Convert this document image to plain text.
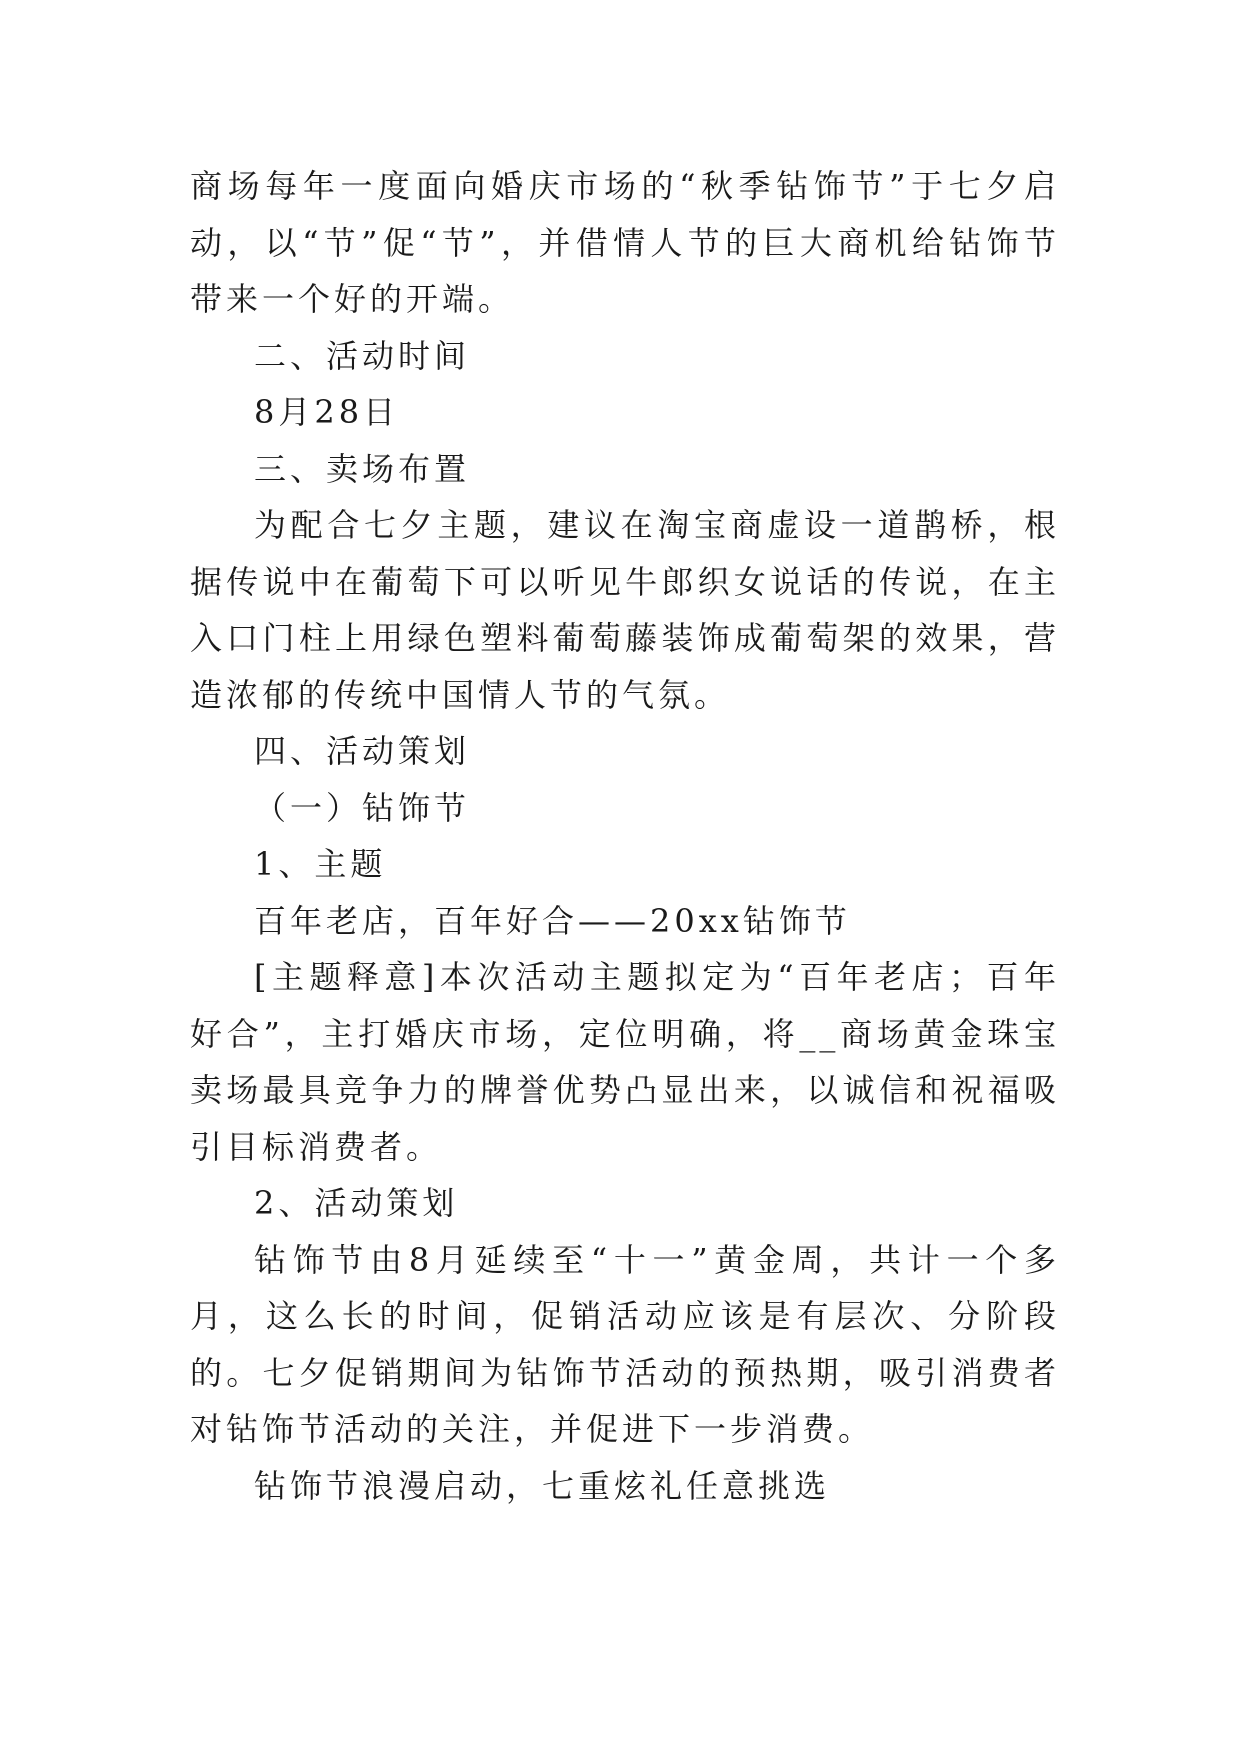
商场每年一度面向婚庆市场的“秋季钻饰节”于七夕启动，以“节”促“节”，并借情人节的巨大商机给钻饰节带来一个好的开端。

二、活动时间

8月28日

三、卖场布置

为配合七夕主题，建议在淘宝商虚设一道鹊桥，根据传说中在葡萄下可以听见牛郎织女说话的传说，在主入口门柱上用绿色塑料葡萄藤装饰成葡萄架的效果，营造浓郁的传统中国情人节的气氛。

四、活动策划

（一）钻饰节

1、主题

百年老店，百年好合——20xx钻饰节

[主题释意]本次活动主题拟定为“百年老店；百年好合”，主打婚庆市场，定位明确，将__商场黄金珠宝卖场最具竞争力的牌誉优势凸显出来，以诚信和祝福吸引目标消费者。

2、活动策划

钻饰节由8月延续至“十一”黄金周，共计一个多月，这么长的时间，促销活动应该是有层次、分阶段的。七夕促销期间为钻饰节活动的预热期，吸引消费者对钻饰节活动的关注，并促进下一步消费。

钻饰节浪漫启动，七重炫礼任意挑选
